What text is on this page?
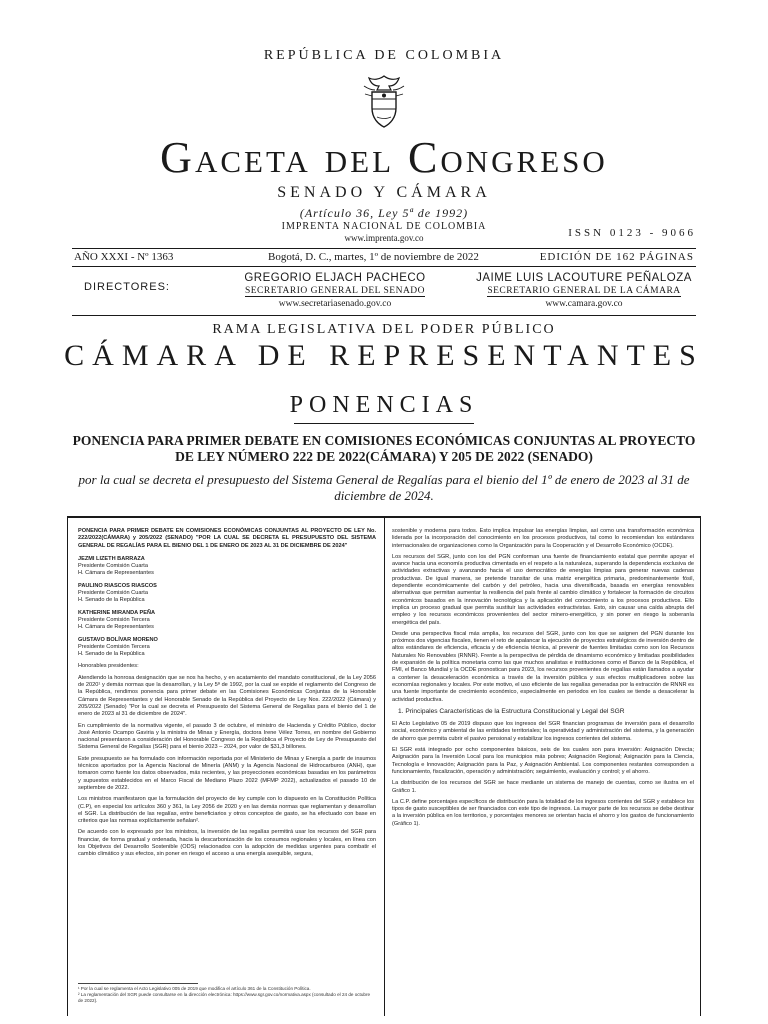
REPÚBLICA DE COLOMBIA
Gaceta del Congreso
SENADO Y CÁMARA
(Artículo 36, Ley 5ª de 1992)
IMPRENTA NACIONAL DE COLOMBIA
www.imprenta.gov.co	ISSN 0123 - 9066
AÑO XXXI - Nº 1363	Bogotá, D. C., martes, 1º de noviembre de 2022	EDICIÓN DE 162 PÁGINAS
DIRECTORES:
GREGORIO ELJACH PACHECO
SECRETARIO GENERAL DEL SENADO
www.secretariasenado.gov.co
JAIME LUIS LACOUTURE PEÑALOZA
SECRETARIO GENERAL DE LA CÁMARA
www.camara.gov.co
RAMA LEGISLATIVA DEL PODER PÚBLICO
CÁMARA DE REPRESENTANTES
PONENCIAS
PONENCIA PARA PRIMER DEBATE EN COMISIONES ECONÓMICAS CONJUNTAS AL PROYECTO DE LEY NÚMERO 222 DE 2022(CÁMARA) Y 205 DE 2022 (SENADO)
por la cual se decreta el presupuesto del Sistema General de Regalías para el bienio del 1º de enero de 2023 al 31 de diciembre de 2024.

PONENCIA PARA PRIMER DEBATE EN COMISIONES ECONÓMICAS CONJUNTAS AL PROYECTO DE LEY No. 222/2022(CÁMARA) y 205/2022 (SENADO) "POR LA CUAL SE DECRETA EL PRESUPUESTO DEL SISTEMA GENERAL DE REGALÍAS PARA EL BIENIO DEL 1 DE ENERO DE 2023 AL 31 DE DICIEMBRE DE 2024"

JEZMI LIZETH BARRAZA
Presidente Comisión Cuarta
H. Cámara de Representantes
PAULINO RIASCOS RIASCOS
Presidente Comisión Cuarta
H. Senado de la República
KATHERINE MIRANDA PEÑA
Presidente Comisión Tercera
H. Cámara de Representantes
GUSTAVO BOLÍVAR MORENO
Presidente Comisión Tercera
H. Senado de la República

Honorables presidentes:

Atendiendo la honrosa designación que se nos ha hecho, y en acatamiento del mandato constitucional, de la Ley 2056 de 2020¹ y demás normas que la desarrollan, y la Ley 5ª de 1992, por la cual se expide el reglamento del Congreso de la República, rendimos ponencia para primer debate en las Comisiones Económicas Conjuntas de la Honorable Cámara de Representantes y del Honorable Senado de la República del Proyecto de Ley Nos. 222/2022 (Cámara) y 205/2022 (Senado) "Por la cual se decreta el Presupuesto del Sistema General de Regalías para el bienio del 1 de enero de 2023 al 31 de diciembre de 2024".

En cumplimiento de la normativa vigente, el pasado 3 de octubre, el ministro de Hacienda y Crédito Público, doctor José Antonio Ocampo Gaviria y la ministra de Minas y Energía, doctora Irene Vélez Torres, en nombre del Gobierno nacional presentaron a consideración del Honorable Congreso de la República el Proyecto de Ley de Presupuesto del Sistema General de Regalías (SGR) para el bienio 2023 – 2024, por valor de $31,3 billones.

Este presupuesto se ha formulado con información reportada por el Ministerio de Minas y Energía a partir de insumos técnicos aportados por la Agencia Nacional de Minería (ANM) y la Agencia Nacional de Hidrocarburos (ANH), que tomaron como fuente los datos observados, más recientes, y las proyecciones económicas basadas en los parámetros y supuestos establecidos en el Marco Fiscal de Mediano Plazo 2022 (MFMP 2022), actualizados el pasado 10 de septiembre de 2022.

Los ministros manifestaron que la formulación del proyecto de ley cumple con lo dispuesto en la Constitución Política (C.P), en especial los artículos 360 y 361, la Ley 2056 de 2020 y en las demás normas que reglamentan y desarrollan el SGR. La distribución de las regalías, entre beneficiarios y otros conceptos de gasto, se ha efectuado con base en criterios que las normas explícitamente señalan².

De acuerdo con lo expresado por los ministros, la inversión de las regalías permitirá usar los recursos del SGR para financiar, de forma gradual y ordenada, hacia la descarbonización de los consumos regionales y locales, en línea con los Objetivos del Desarrollo Sostenible (ODS) relacionados con la adopción de medidas urgentes para combatir el cambio climático y sus efectos, sin poner en riesgo el acceso a una energía asequible, segura,

¹ Por la cual se reglamenta el Acto Legislativo 005 de 2019 que modifica el artículo 361 de la Constitución Política.
² La reglamentación del SGR puede consultarse en la dirección electrónica: https://www.sgr.gov.co/normativa.aspx (consultado el 24 de octubre de 2022).

sostenible y moderna para todos. Esto implica impulsar las energías limpias, así como una transformación económica liderada por la incorporación del conocimiento en los procesos productivos, tal como lo recomiendan los estándares internacionales de organizaciones como la Organización para la Cooperación y el Desarrollo Económico (OCDE).

Los recursos del SGR, junto con los del PGN conforman una fuente de financiamiento estatal que permite apoyar el avance hacia una economía productiva cimentada en el respeto a la naturaleza, superando la dependencia exclusiva de actividades extractivas y avanzando hacia el uso democrático de energías limpias para generar nuevas cadenas productivas. De igual manera, se pretende transitar de una matriz energética primaria, predominantemente fósil, dependiente económicamente del carbón y del petróleo, hacia una diversificada, basada en energías renovables alternativas que permitan aumentar la resiliencia del país frente al cambio climático y fortalecer la formación de circuitos económicos basados en la innovación tecnológica y la aplicación del conocimiento a los procesos productivos. Ello implica un proceso gradual que permita sustituir las actividades extractivistas. Esto, sin causar una caída abrupta del empleo y los recursos económicos provenientes del sector minero-energético, y sin poner en riesgo la soberanía energética del país.

Desde una perspectiva fiscal más amplia, los recursos del SGR, junto con los que se asignen del PGN durante los próximos dos vigencias fiscales, tienen el reto de apalancar la ejecución de proyectos estratégicos de inversión dentro de altos estándares de eficiencia, eficacia y de eficiencia técnica, al prevenir de fuentes limitadas como son los Recursos Naturales No Renovables (RNNR). Frente a la perspectiva de pérdida de dinamismo económico y limitadas posibilidades de expansión de la política monetaria como las que muchos analistas e instituciones como el Banco de la República, el FMI, el Banco Mundial y la OCDE pronostican para 2023, los recursos provenientes de regalías están llamados a ayudar a contener la desaceleración económica a través de la inversión pública y sus efectos multiplicadores sobre las economías regionales y locales. Por este motivo, el uso eficiente de las regalías generadas por la extracción de RNNR es una fuente importante de crecimiento económico, especialmente en periodos en los cuales se tiende a desacelerar la actividad productiva.

1. Principales Características de la Estructura Constitucional y Legal del SGR

El Acto Legislativo 05 de 2019 dispuso que los ingresos del SGR financian programas de inversión para el desarrollo social, económico y ambiental de las entidades territoriales; la operatividad y administración del sistema, y la generación de ahorro que permita cubrir el pasivo pensional y estabilizar los ingresos corrientes del sistema.

El SGR está integrado por ocho componentes básicos, seis de los cuales son para inversión: Asignación Directa; Asignación para la Inversión Local para los municipios más pobres; Asignación Regional; Asignación para la Ciencia, Tecnología e Innovación; Asignación para la Paz, y Asignación Ambiental. Los componentes restantes corresponden a funcionamiento, fiscalización, operación y administración; seguimiento, evaluación y control; y el ahorro.

La distribución de los recursos del SGR se hace mediante un sistema de manejo de cuentas, como se ilustra en el Gráfico 1.

La C.P. define porcentajes específicos de distribución para la totalidad de los ingresos corrientes del SGR y establece los tipos de gasto susceptibles de ser financiados con este tipo de ingresos. La mayor parte de los recursos se debe destinar a la inversión pública en los territorios, y porcentajes menores se orientan hacia el ahorro y los gastos de funcionamiento (Gráfico 1).
